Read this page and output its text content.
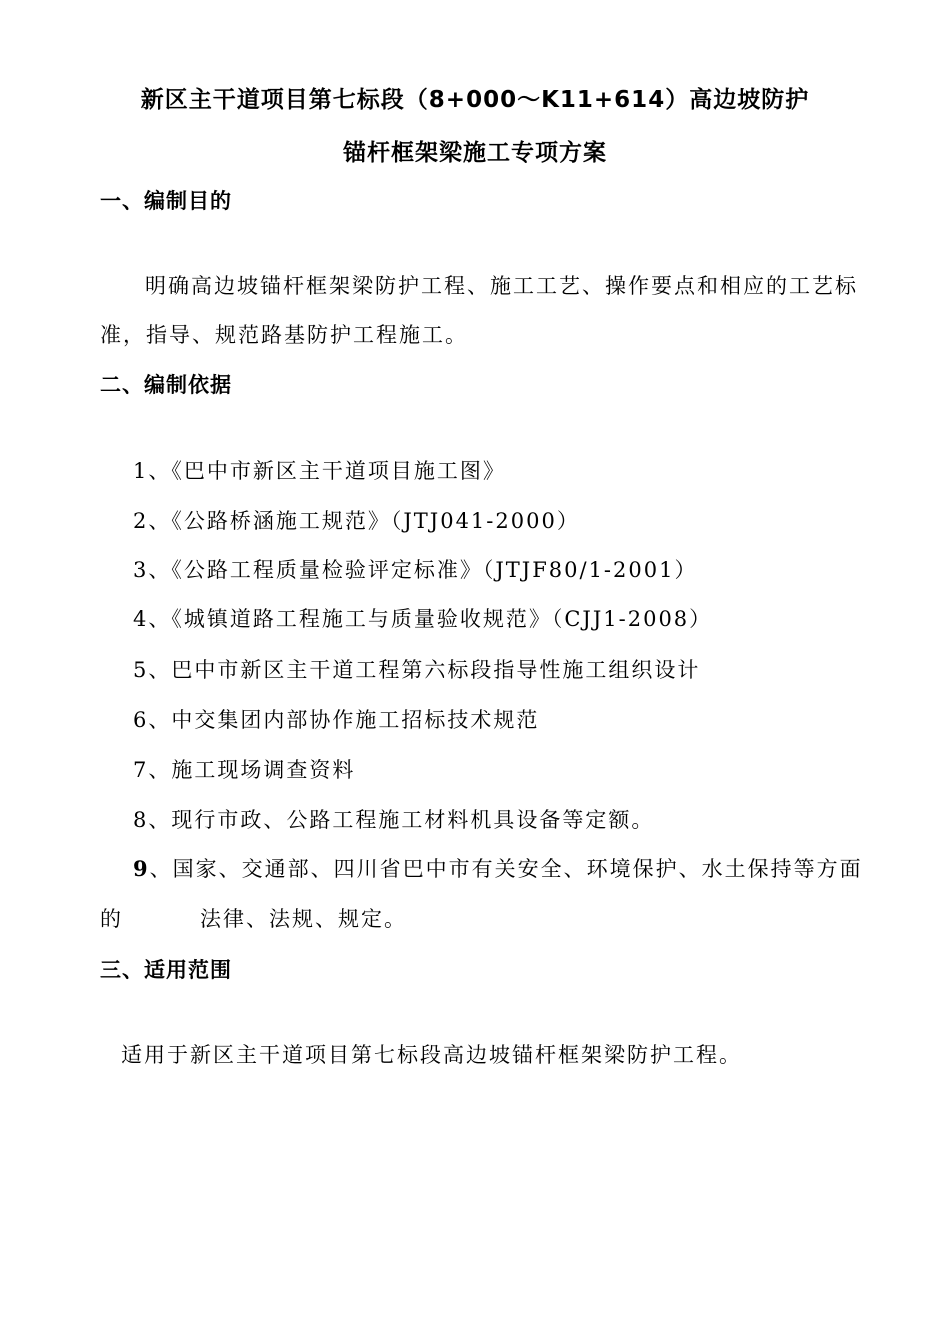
新区主干道项目第七标段（8+000～K11+614）高边坡防护
锚杆框架梁施工专项方案
一、编制目的
明确高边坡锚杆框架梁防护工程、施工工艺、操作要点和相应的工艺标
准，指导、规范路基防护工程施工。
二、编制依据
1、《巴中市新区主干道项目施工图》
2、《公路桥涵施工规范》（JTJ041-2000）
3、《公路工程质量检验评定标准》（JTJF80/1-2001）
4、《城镇道路工程施工与质量验收规范》（CJJ1-2008）
5、巴中市新区主干道工程第六标段指导性施工组织设计
6、中交集团内部协作施工招标技术规范
7、施工现场调查资料
8、现行市政、公路工程施工材料机具设备等定额。
9、国家、交通部、四川省巴中市有关安全、环境保护、水土保持等方面
的	法律、法规、规定。
三、适用范围
适用于新区主干道项目第七标段高边坡锚杆框架梁防护工程。
